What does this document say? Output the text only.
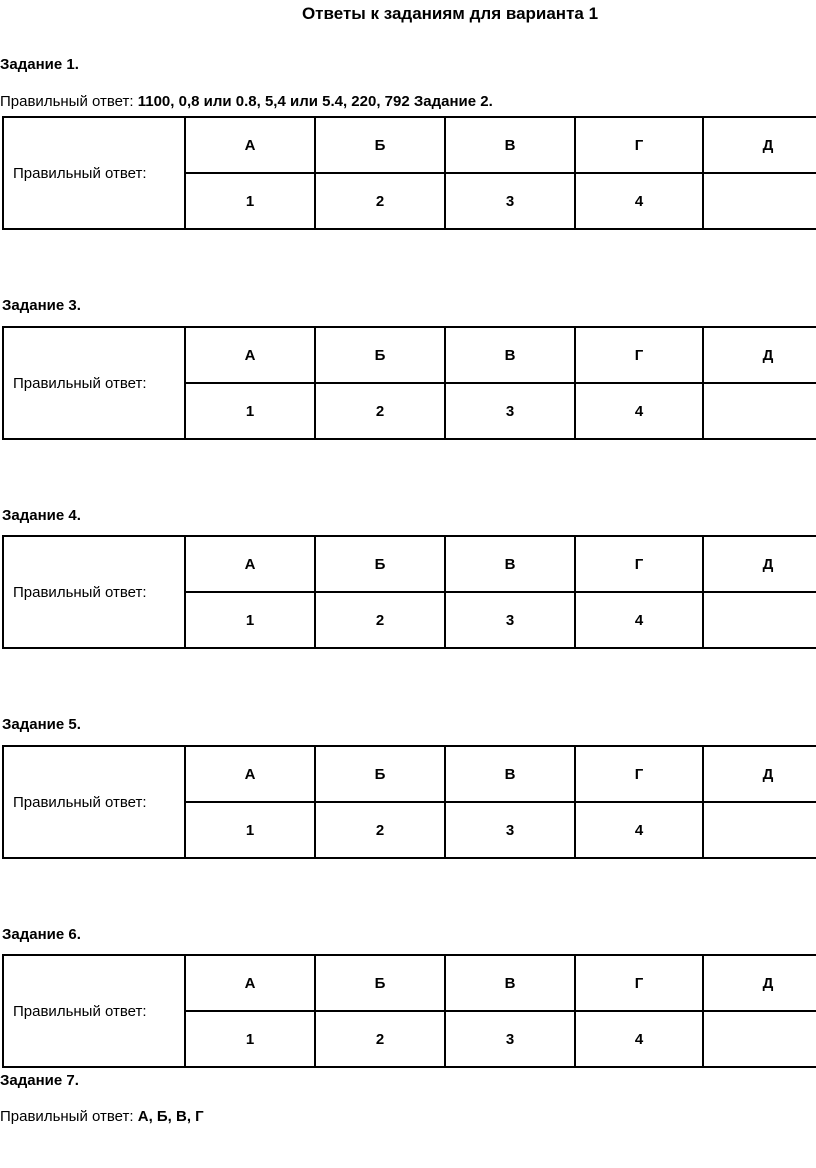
Ответы к заданиям для варианта 1
Задание 1.
Правильный ответ: 1100, 0,8 или 0.8, 5,4 или 5.4, 220, 792 Задание 2.
Правильный ответ:	А	Б	В	Г	Д
	1	2	3	4	
Задание 3.
Правильный ответ:	А	Б	В	Г	Д
	1	2	3	4	
Задание 4.
Правильный ответ:	А	Б	В	Г	Д
	1	2	3	4	
Задание 5.
Правильный ответ:	А	Б	В	Г	Д
	1	2	3	4	
Задание 6.
Правильный ответ:	А	Б	В	Г	Д
	1	2	3	4	
Задание 7.
Правильный ответ: А, Б, В, Г
